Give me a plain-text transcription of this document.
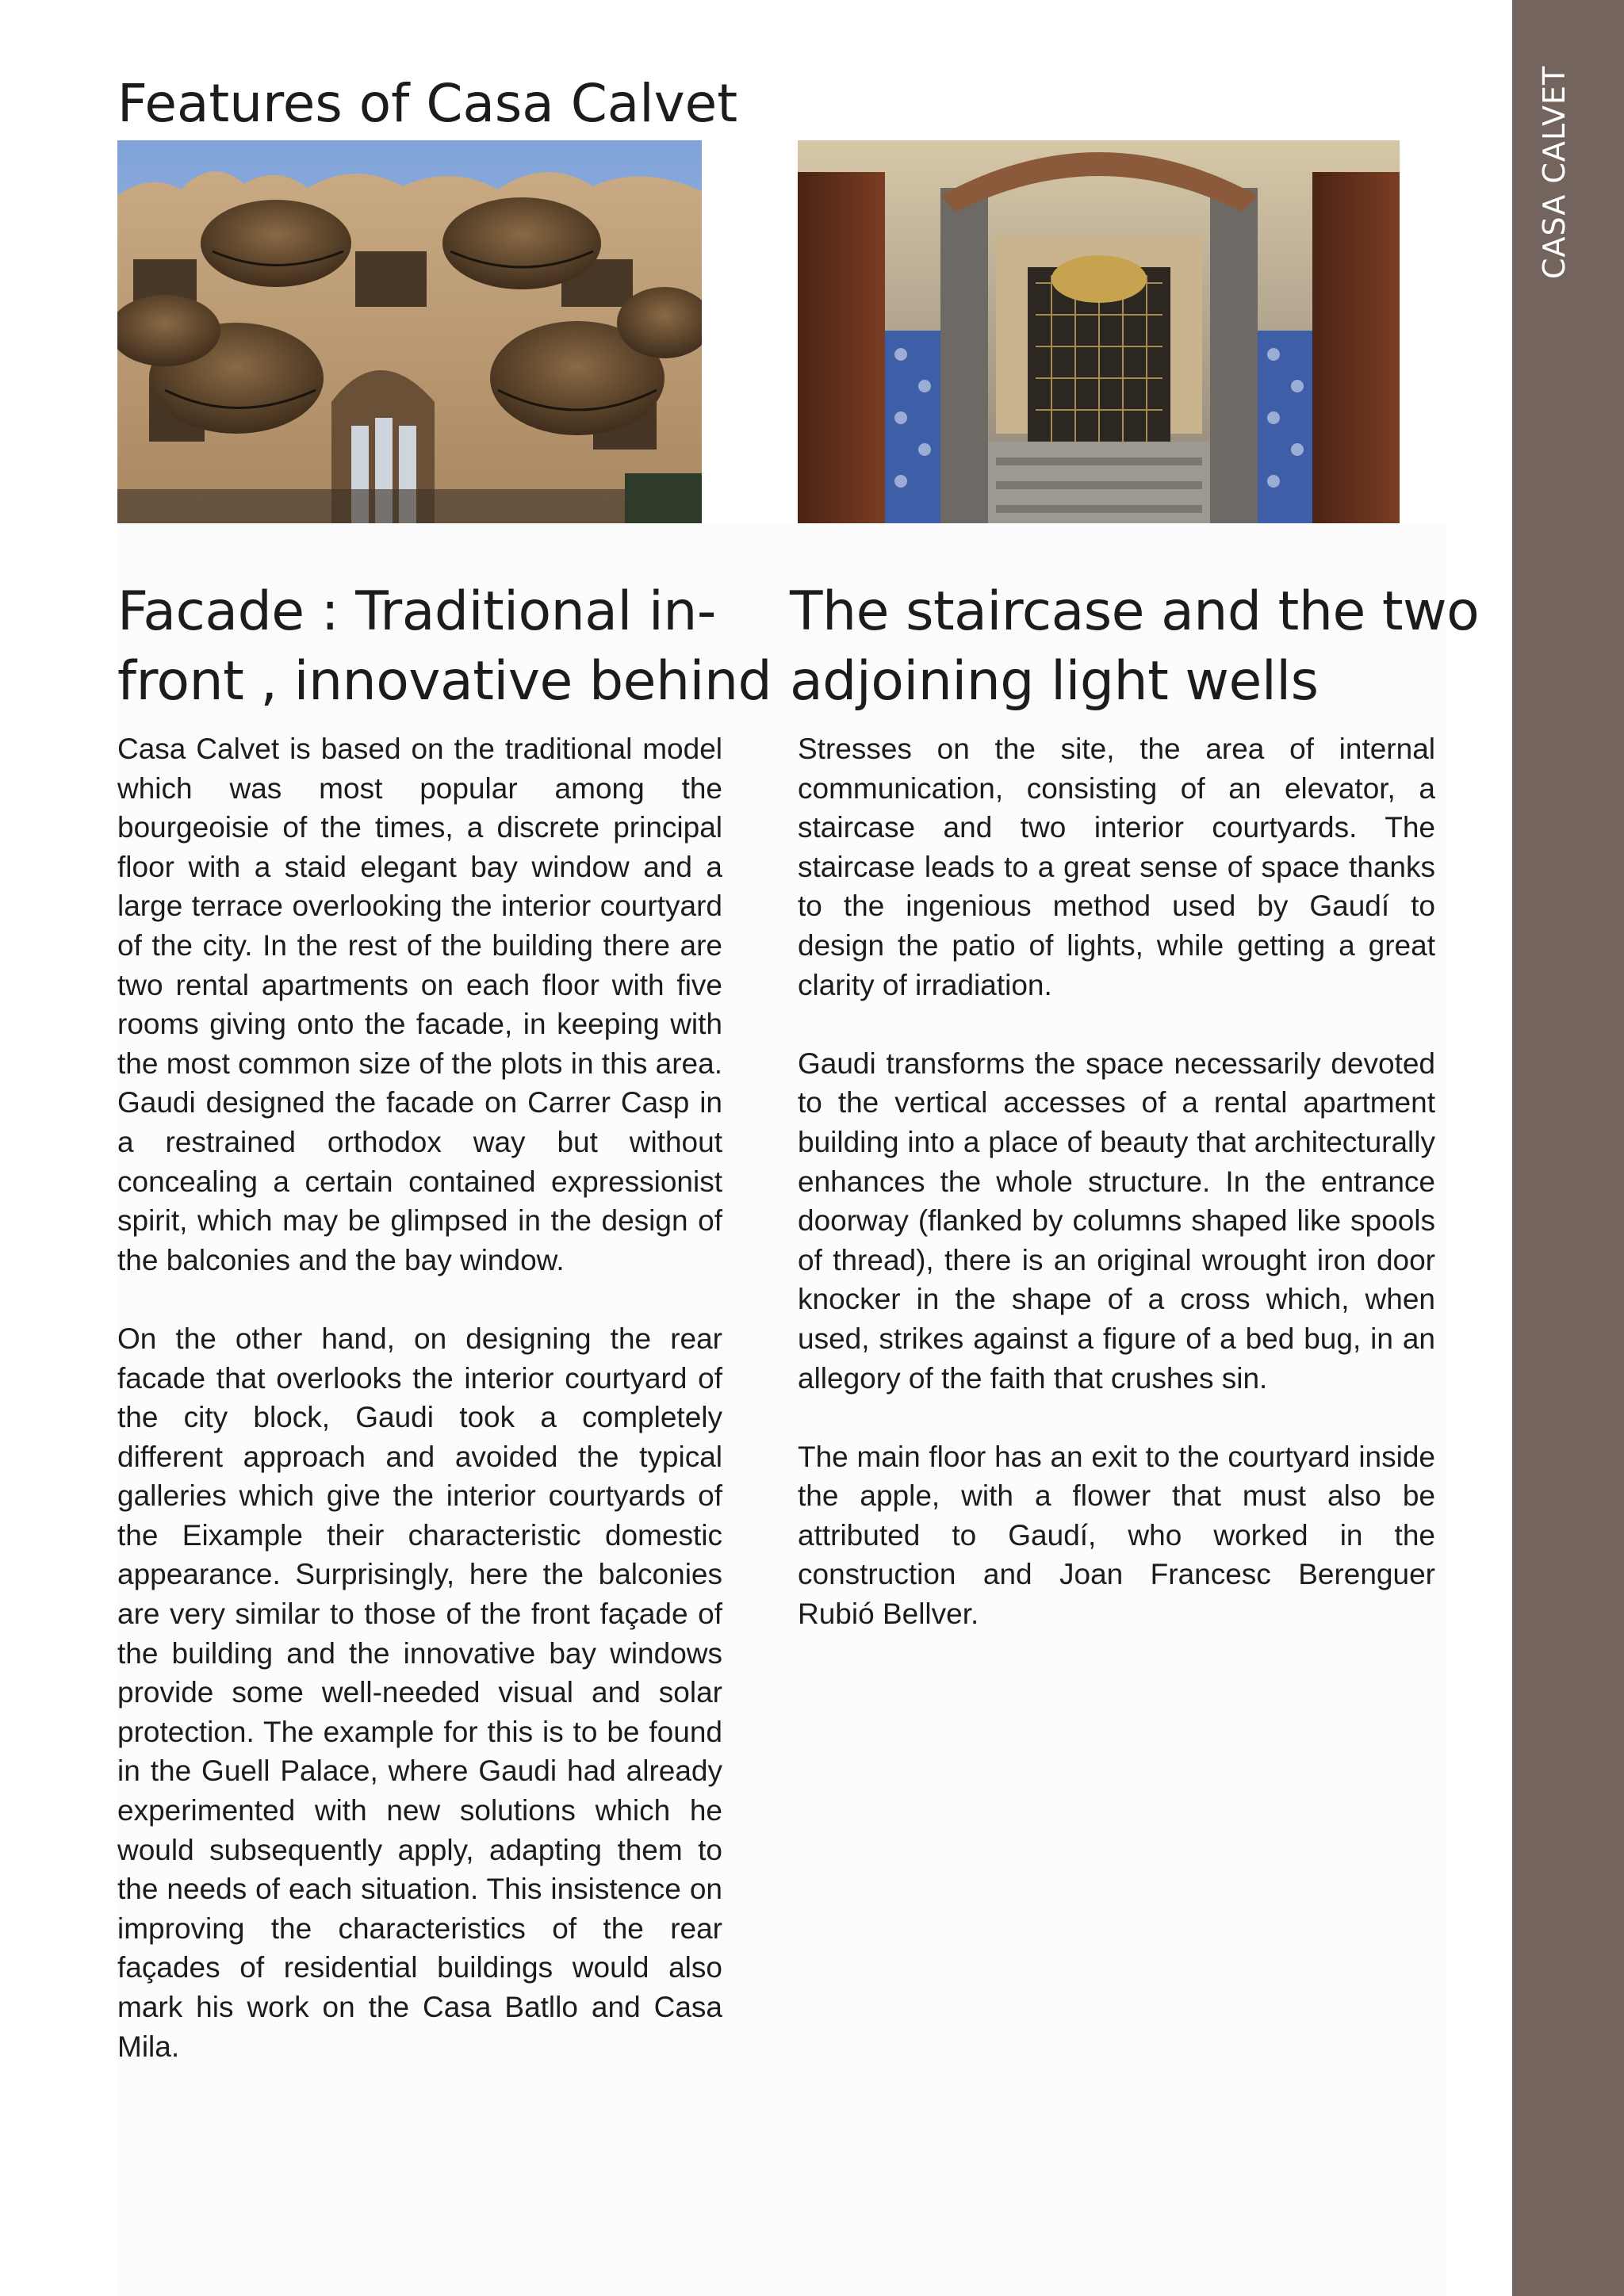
CASA CALVET
Features of Casa Calvet
Facade : Traditional in-
front , innovative behind
The staircase and the two
adjoining light wells

Casa Calvet is based on the traditional model which was most popular among the bourgeoisie of the times, a discrete principal floor with a staid elegant bay window and a large terrace overlooking the interior courtyard of the city. In the rest of the building there are two rental apartments on each floor with five rooms giving onto the facade, in keeping with the most common size of the plots in this area. Gaudi designed the facade on Carrer Casp in a restrained orthodox way but without concealing a certain contained expressionist spirit, which may be glimpsed in the design of the balconies and the bay window.

On the other hand, on designing the rear facade that overlooks the interior courtyard of the city block, Gaudi took a completely different approach and avoided the typical galleries which give the interior courtyards of the Eixample their characteristic domestic appearance. Surprisingly, here the balconies are very similar to those of the front façade of the building and the innovative bay windows provide some well-needed visual and solar protection. The example for this is to be found in the Guell Palace, where Gaudi had already experimented with new solutions which he would subsequently apply, adapting them to the needs of each situation. This insistence on improving the characteristics of the rear façades of residential buildings would also mark his work on the Casa Batllo and Casa Mila.

Stresses on the site, the area of internal communication, consisting of an elevator, a staircase and two interior courtyards. The staircase leads to a great sense of space thanks to the ingenious method used by Gaudí to design the patio of lights, while getting a great clarity of irradiation.

Gaudi transforms the space necessarily devoted to the vertical accesses of a rental apartment building into a place of beauty that architecturally enhances the whole structure. In the entrance doorway (flanked by columns shaped like spools of thread), there is an original wrought iron door knocker in the shape of a cross which, when used, strikes against a figure of a bed bug, in an allegory of the faith that crushes sin.

The main floor has an exit to the courtyard inside the apple, with a flower that must also be attributed to Gaudí, who worked in the construction and Joan Francesc Berenguer Rubió Bellver.
